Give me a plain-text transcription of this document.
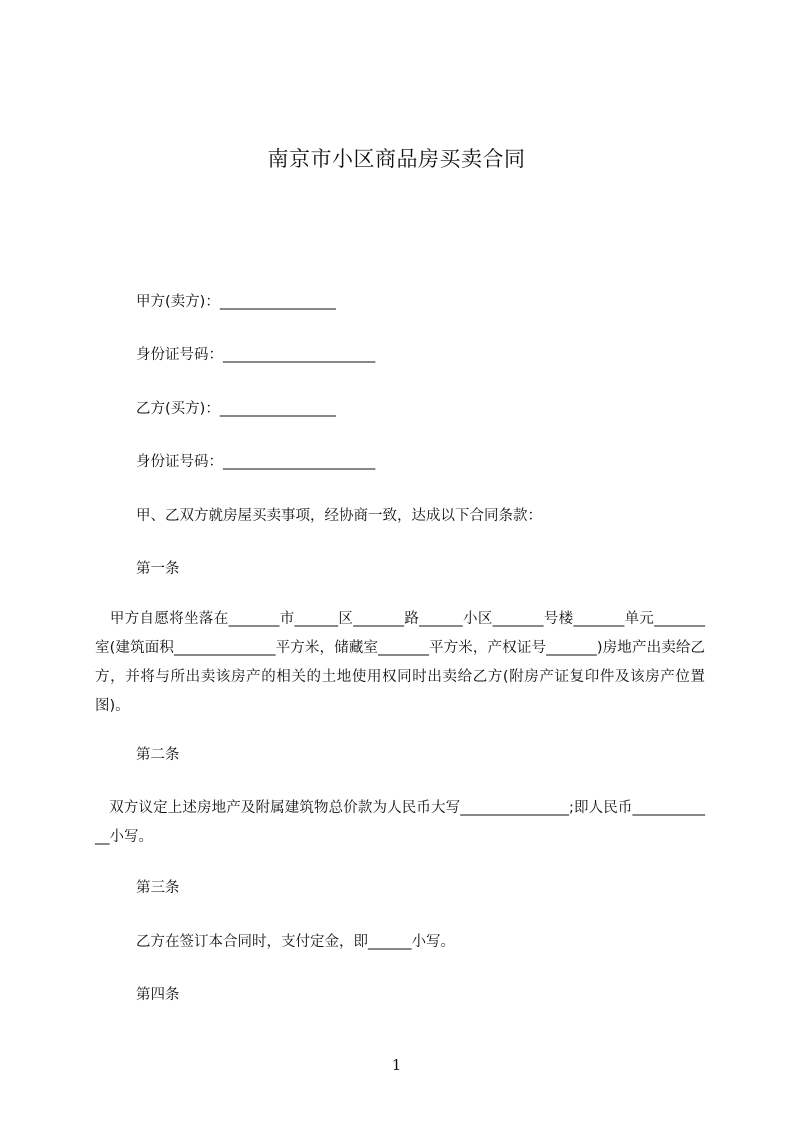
南京市小区商品房买卖合同
甲方(卖方)：________________
身份证号码：_____________________
乙方(买方)：________________
身份证号码：_____________________
甲、乙双方就房屋买卖事项，经协商一致，达成以下合同条款：
第一条
甲方自愿将坐落在_______市______区_______路______小区_______号楼_______单元_______室(建筑面积______________平方米，储藏室_______平方米，产权证号_______)房地产出卖给乙方，并将与所出卖该房产的相关的土地使用权同时出卖给乙方(附房产证复印件及该房产位置图)。
第二条
双方议定上述房地产及附属建筑物总价款为人民币大写_______________;即人民币____________小写。
第三条
乙方在签订本合同时，支付定金，即______小写。
第四条
1
